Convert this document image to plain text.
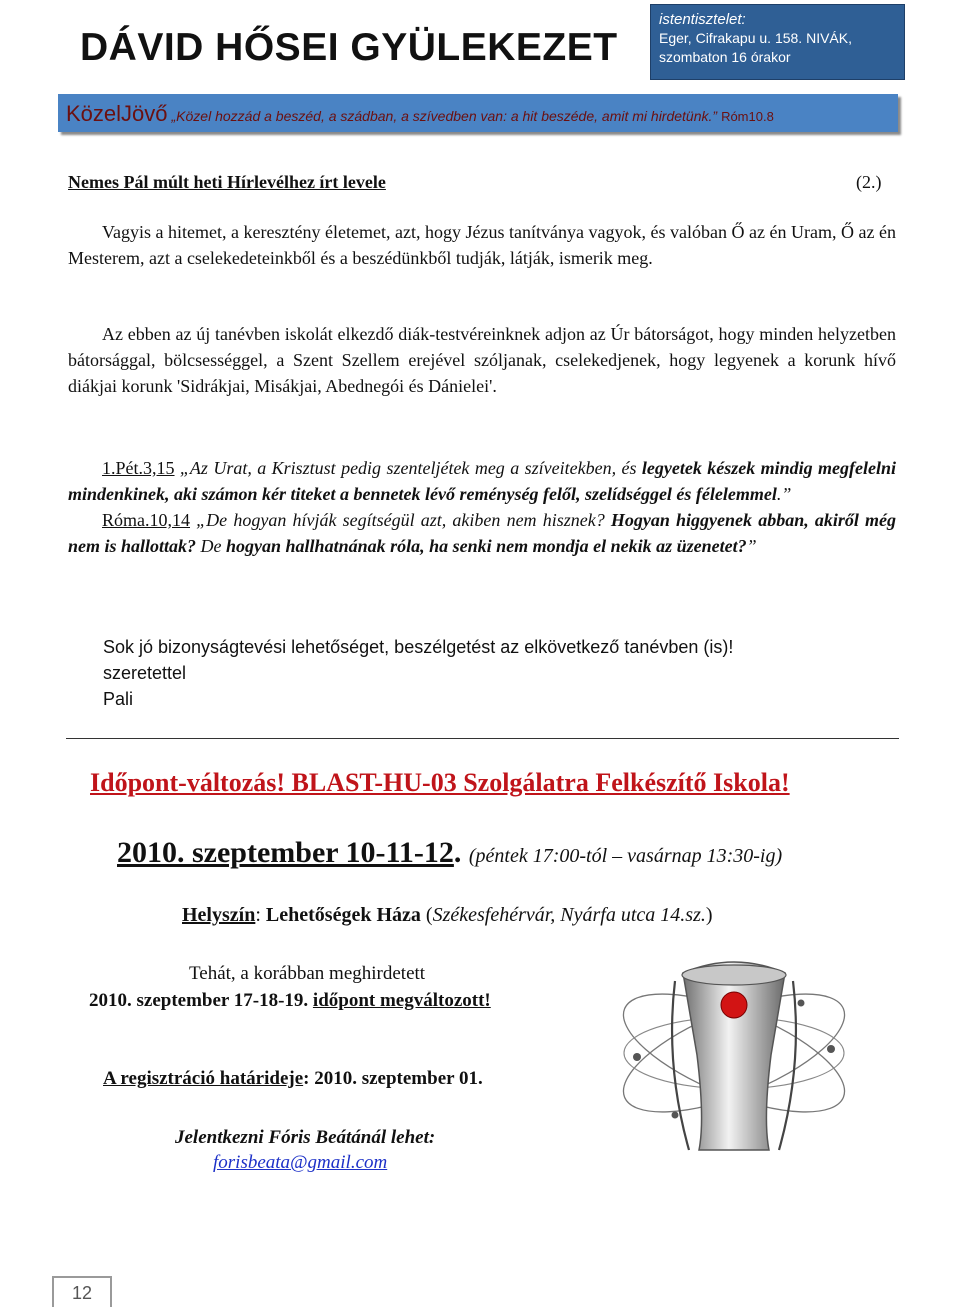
DÁVID HŐSEI GYÜLEKEZET
istentisztelet:
Eger, Cifrakapu u. 158. NIVÁK,
szombaton 16 órakor
KözelJövő „Közel hozzád a beszéd, a szádban, a szívedben van: a hit beszéde, amit mi hirdetünk.” Róm10.8
Nemes Pál múlt heti Hírlevélhez írt levele	(2.)
Vagyis a hitemet, a keresztény életemet, azt, hogy Jézus tanítványa vagyok, és valóban Ő az én Uram, Ő az én Mesterem, azt a cselekedeteinkből és a beszédünkből tudják, látják, ismerik meg.
Az ebben az új tanévben iskolát elkezdő diák-testvéreinknek adjon az Úr bátorságot, hogy minden helyzetben bátorsággal, bölcsességgel, a Szent Szellem erejével szóljanak, cselekedjenek, hogy legyenek a korunk hívő diákjai korunk 'Sidrákjai, Misákjai, Abednegói és Dánielei'.
1.Pét.3,15 „Az Urat, a Krisztust pedig szenteljétek meg a szíveitekben, és legyetek készek mindig megfelelni mindenkinek, aki számon kér titeket a bennetek lévő reménység felől, szelídséggel és félelemmel.”
Róma.10,14 „De hogyan hívják segítségül azt, akiben nem hisznek? Hogyan higgyenek abban, akiről még nem is hallottak? De hogyan hallhatnának róla, ha senki nem mondja el nekik az üzenetet?”
Sok jó bizonyságtevési lehetőséget, beszélgetést az elkövetkező tanévben (is)!
szeretettel
Pali
Időpont-változás! BLAST-HU-03 Szolgálatra Felkészítő Iskola!
2010. szeptember 10-11-12. (péntek 17:00-tól – vasárnap 13:30-ig)
Helyszín: Lehetőségek Háza (Székesfehérvár, Nyárfa utca 14.sz.)
Tehát, a korábban meghirdetett
2010. szeptember 17-18-19. időpont megváltozott!
A regisztráció határideje: 2010. szeptember 01.
Jelentkezni Fóris Beátánál lehet:
forisbeata@gmail.com
12
